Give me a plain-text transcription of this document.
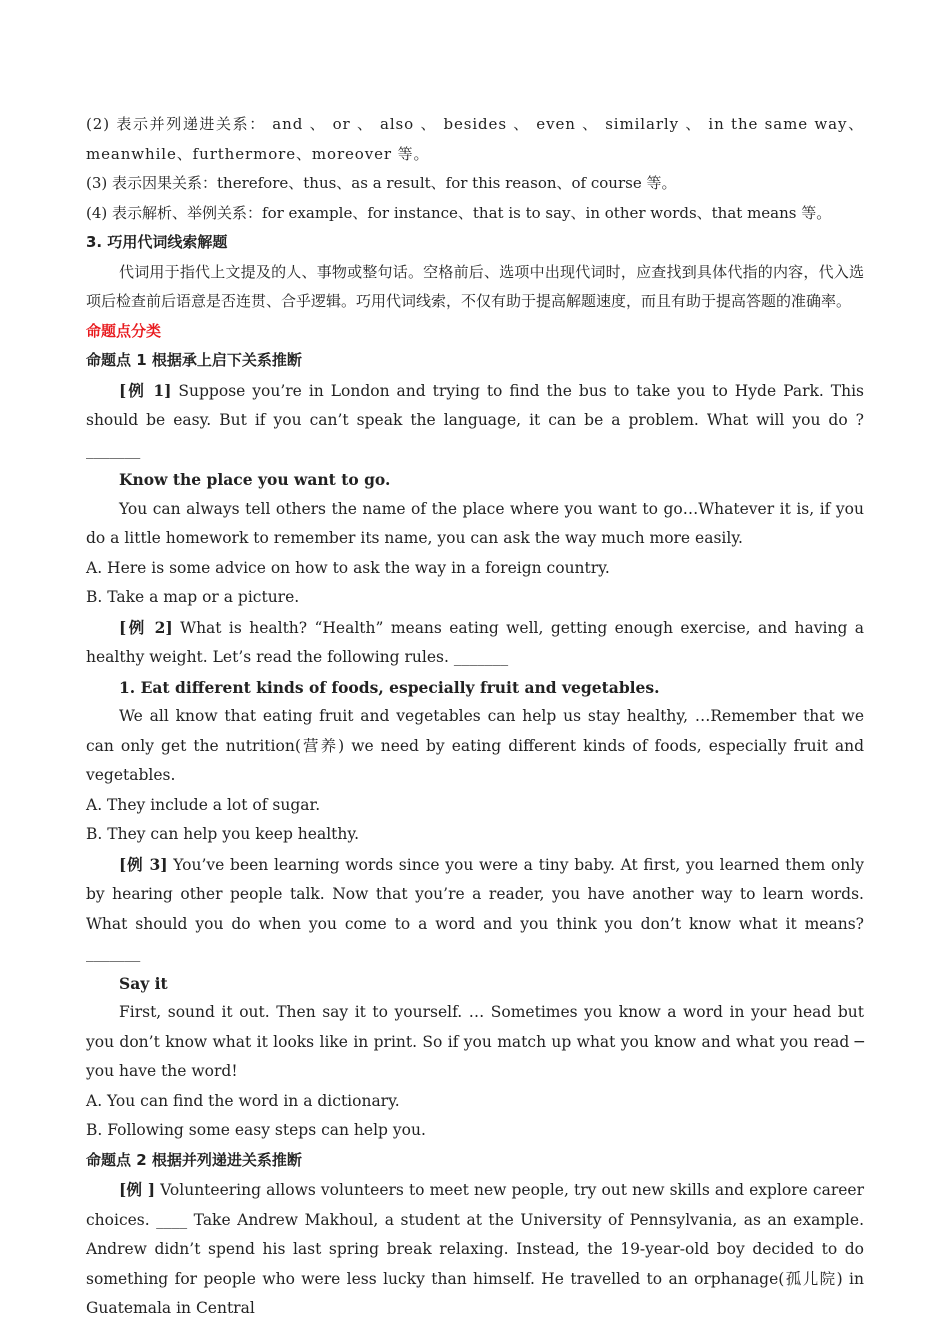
(2) 表示并列递进关系： and 、 or 、 also 、 besides 、 even 、 similarly 、 in the same way、meanwhile、furthermore、moreover 等。

(3) 表示因果关系：therefore、thus、as a result、for this reason、of course 等。

(4) 表示解析、举例关系：for example、for instance、that is to say、in other words、that means 等。

3. 巧用代词线索解题

代词用于指代上文提及的人、事物或整句话。空格前后、选项中出现代词时，应查找到具体代指的内容，代入选项后检查前后语意是否连贯、合乎逻辑。巧用代词线索，不仅有助于提高解题速度，而且有助于提高答题的准确率。

命题点分类

命题点 1 根据承上启下关系推断

[例 1] Suppose you’re in London and trying to find the bus to take you to Hyde Park. This should be easy. But if you can’t speak the language, it can be a problem. What will you do ? _______

Know the place you want to go.

You can always tell others the name of the place where you want to go…Whatever it is, if you do a little homework to remember its name, you can ask the way much more easily.

A. Here is some advice on how to ask the way in a foreign country.

B. Take a map or a picture.

[例 2] What is health? “Health” means eating well, getting enough exercise, and having a healthy weight. Let’s read the following rules. _______

1. Eat different kinds of foods, especially fruit and vegetables.

We all know that eating fruit and vegetables can help us stay healthy, …Remember that we can only get the nutrition(营养) we need by eating different kinds of foods, especially fruit and vegetables.

A. They include a lot of sugar.

B. They can help you keep healthy.

[例 3] You’ve been learning words since you were a tiny baby. At first, you learned them only by hearing other people talk. Now that you’re a reader, you have another way to learn words. What should you do when you come to a word and you think you don’t know what it means? _______

Say it

First, sound it out. Then say it to yourself. … Sometimes you know a word in your head but you don’t know what it looks like in print. So if you match up what you know and what you read ─ you have the word!

A. You can find the word in a dictionary.

B. Following some easy steps can help you.

命题点 2 根据并列递进关系推断

[例 ] Volunteering allows volunteers to meet new people, try out new skills and explore career choices. ____ Take Andrew Makhoul, a student at the University of Pennsylvania, as an example. Andrew didn’t spend his last spring break relaxing. Instead, the 19-year-old boy decided to do something for people who were less lucky than himself. He travelled to an orphanage(孤儿院) in Guatemala in Central
